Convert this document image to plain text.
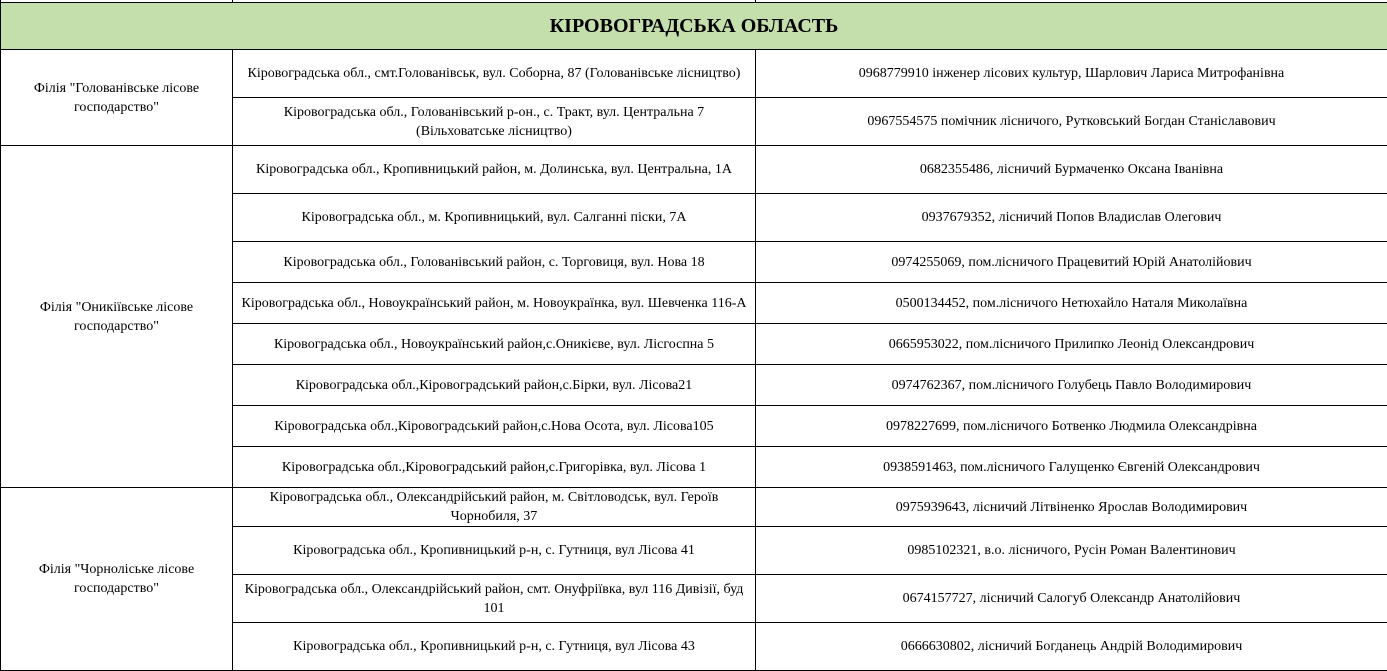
КІРОВОГРАДСЬКА ОБЛАСТЬ		
Філія "Голованівське лісове господарство"	Кіровоградська обл., смт.Голованівськ, вул. Соборна, 87 (Голованівське лісництво)	0968779910 інженер лісових культур, Шарлович Лариса Митрофанівна
	Кіровоградська обл., Голованівський р-он., с. Тракт, вул. Центральна 7 (Вільховатське лісництво)	0967554575 помічник лісничого, Рутковський Богдан Станіславович
Філія "Оникіївське лісове господарство"	Кіровоградська обл., Кропивницький район, м. Долинська, вул. Центральна, 1А	0682355486, лісничий Бурмаченко Оксана Іванівна
	Кіровоградська обл., м. Кропивницький, вул. Салганні піски, 7А	0937679352, лісничий Попов Владислав Олегович
	Кіровоградська обл., Голованівський район, с. Торговиця, вул. Нова 18	0974255069, пом.лісничого Працевитий Юрій Анатолійович
	Кіровоградська обл., Новоукраїнський район, м. Новоукраїнка, вул. Шевченка 116-А	0500134452, пом.лісничого Нетюхайло Наталя Миколаївна
	Кіровоградська обл., Новоукраїнський район,с.Оникієве, вул. Лісгоспна 5	0665953022, пом.лісничого Прилипко Леонід Олександрович
	Кіровоградська обл.,Кіровоградський район,с.Бірки, вул. Лісова21	0974762367, пом.лісничого Голубець Павло Володимирович
	Кіровоградська обл.,Кіровоградський район,с.Нова Осота, вул. Лісова105	0978227699, пом.лісничого Ботвенко Людмила Олександрівна
	Кіровоградська обл.,Кіровоградський район,с.Григорівка, вул. Лісова 1	0938591463, пом.лісничого Галущенко Євгеній Олександрович
Філія "Чорноліське лісове господарство"	Кіровоградська обл., Олександрійський район, м. Світловодськ, вул. Героїв Чорнобиля, 37	0975939643, лісничий Літвіненко Ярослав Володимирович
	Кіровоградська обл., Кропивницький р-н, с. Гутниця, вул Лісова 41	0985102321, в.о. лісничого, Русін Роман Валентинович
	Кіровоградська обл., Олександрійський район, смт. Онуфріївка, вул 116 Дивізії, буд 101	0674157727, лісничий Салогуб Олександр Анатолійович
	Кіровоградська обл., Кропивницький р-н, с. Гутниця, вул Лісова 43	0666630802, лісничий Богданець Андрій Володимирович
